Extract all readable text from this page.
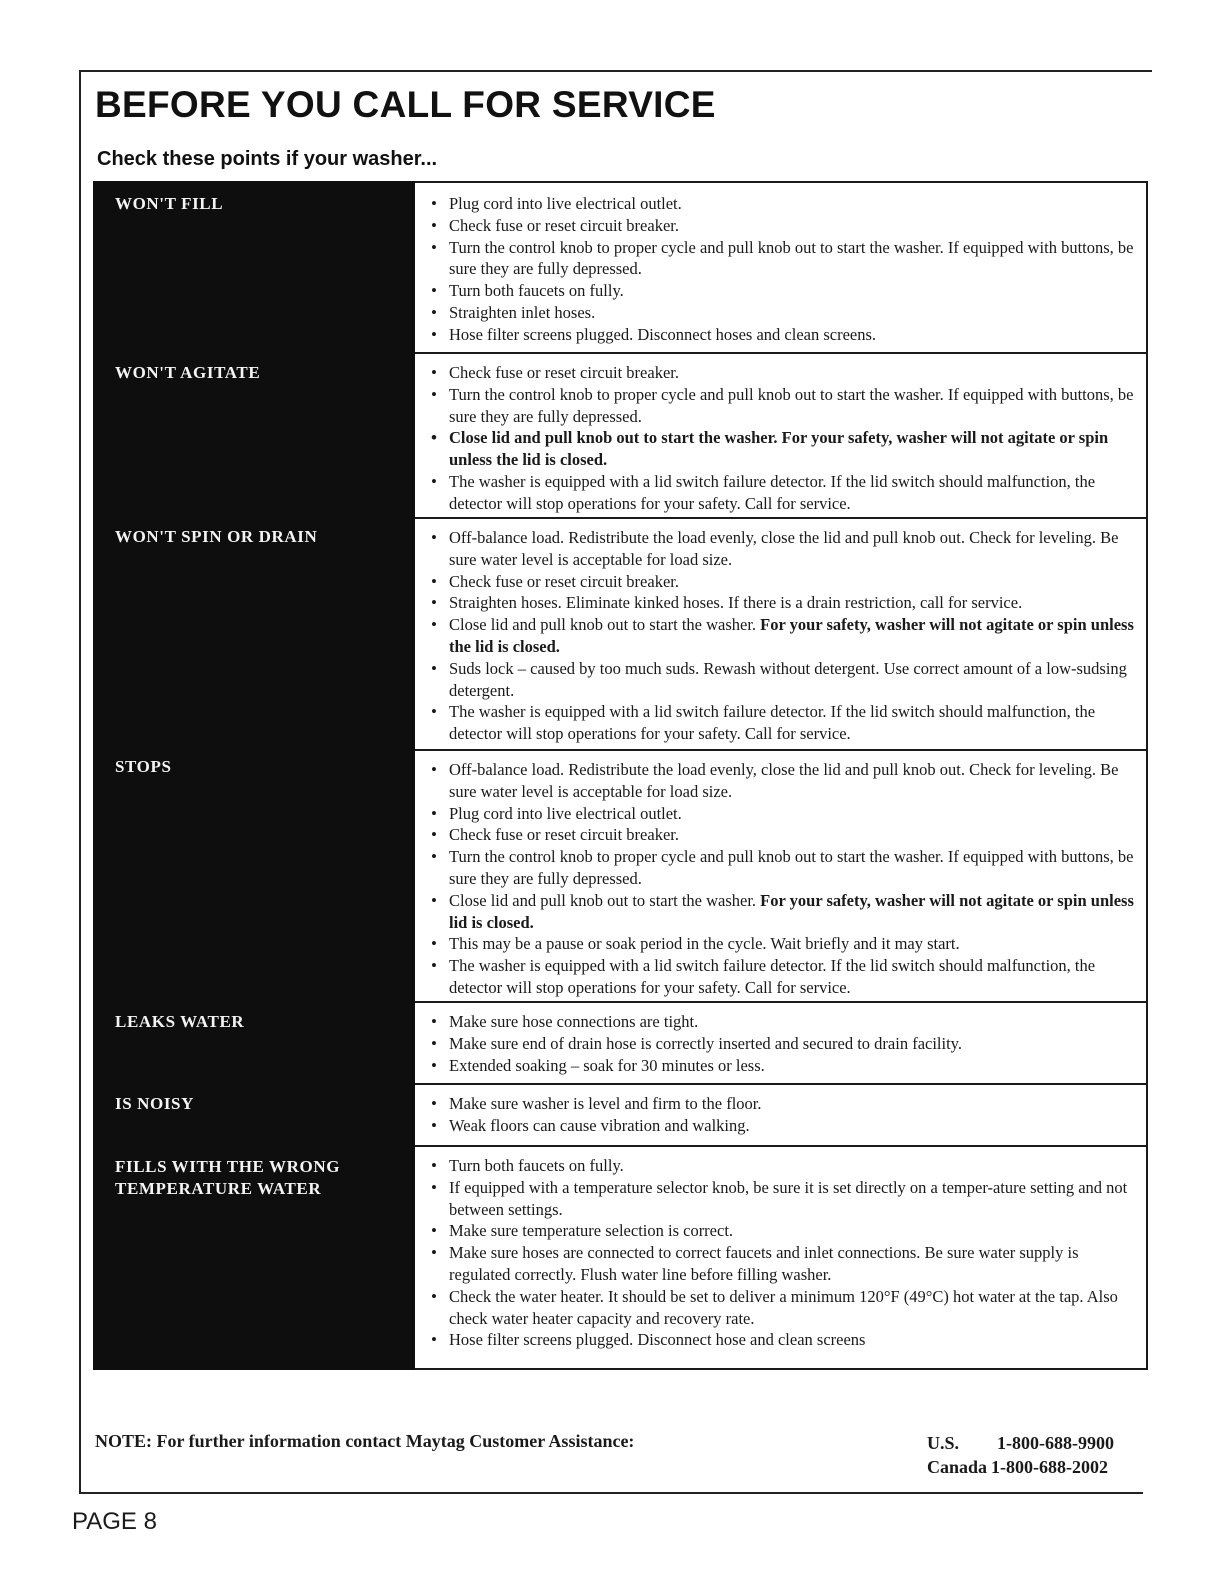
BEFORE YOU CALL FOR SERVICE
Check these points if your washer...
WON'T FILL
WON'T AGITATE
WON'T SPIN OR DRAIN
STOPS
LEAKS WATER
IS NOISY
FILLS WITH THE WRONG
TEMPERATURE WATER
• Plug cord into live electrical outlet.
• Check fuse or reset circuit breaker.
• Turn the control knob to proper cycle and pull knob out to start the washer. If equipped with buttons, be sure they are fully depressed.
• Turn both faucets on fully.
• Straighten inlet hoses.
• Hose filter screens plugged. Disconnect hoses and clean screens.
• Check fuse or reset circuit breaker.
• Turn the control knob to proper cycle and pull knob out to start the washer. If equipped with buttons, be sure they are fully depressed.
• Close lid and pull knob out to start the washer. For your safety, washer will not agitate or spin unless the lid is closed.
• The washer is equipped with a lid switch failure detector. If the lid switch should malfunction, the detector will stop operations for your safety. Call for service.
• Off-balance load. Redistribute the load evenly, close the lid and pull knob out. Check for leveling. Be sure water level is acceptable for load size.
• Check fuse or reset circuit breaker.
• Straighten hoses. Eliminate kinked hoses. If there is a drain restriction, call for service.
• Close lid and pull knob out to start the washer. For your safety, washer will not agitate or spin unless the lid is closed.
• Suds lock – caused by too much suds. Rewash without detergent. Use correct amount of a low-sudsing detergent.
• The washer is equipped with a lid switch failure detector. If the lid switch should malfunction, the detector will stop operations for your safety. Call for service.
• Off-balance load. Redistribute the load evenly, close the lid and pull knob out. Check for leveling. Be sure water level is acceptable for load size.
• Plug cord into live electrical outlet.
• Check fuse or reset circuit breaker.
• Turn the control knob to proper cycle and pull knob out to start the washer. If equipped with buttons, be sure they are fully depressed.
• Close lid and pull knob out to start the washer. For your safety, washer will not agitate or spin unless lid is closed.
• This may be a pause or soak period in the cycle. Wait briefly and it may start.
• The washer is equipped with a lid switch failure detector. If the lid switch should malfunction, the detector will stop operations for your safety. Call for service.
• Make sure hose connections are tight.
• Make sure end of drain hose is correctly inserted and secured to drain facility.
• Extended soaking – soak for 30 minutes or less.
• Make sure washer is level and firm to the floor.
• Weak floors can cause vibration and walking.
• Turn both faucets on fully.
• If equipped with a temperature selector knob, be sure it is set directly on a temper-ature setting and not between settings.
• Make sure temperature selection is correct.
• Make sure hoses are connected to correct faucets and inlet connections. Be sure water supply is regulated correctly. Flush water line before filling washer.
• Check the water heater. It should be set to deliver a minimum 120°F (49°C) hot water at the tap. Also check water heater capacity and recovery rate.
• Hose filter screens plugged. Disconnect hose and clean screens

NOTE: For further information contact Maytag Customer Assistance:	U.S.	1-800-688-9900
Canada 1-800-688-2002

PAGE 8
